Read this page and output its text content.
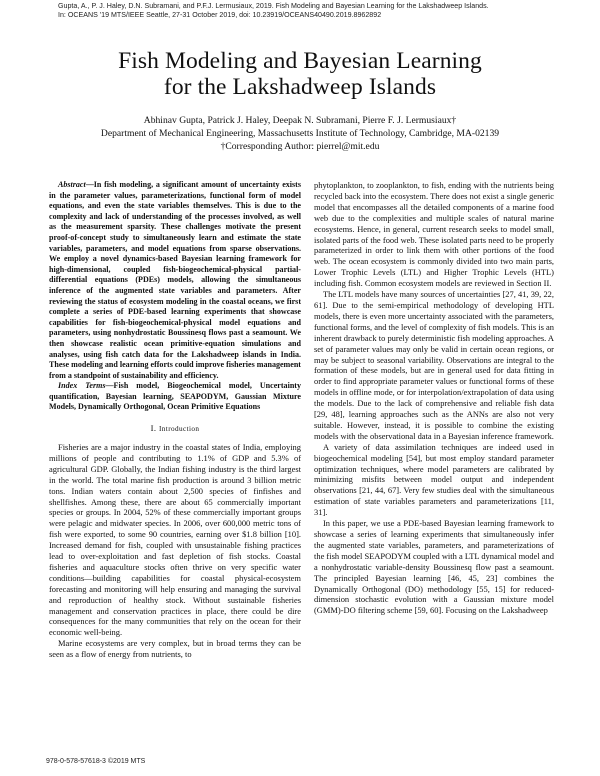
Gupta, A., P. J. Haley, D.N. Subramani, and P.F.J. Lermusiaux, 2019. Fish Modeling and Bayesian Learning for the Lakshadweep Islands.
In: OCEANS '19 MTS/IEEE Seattle, 27-31 October 2019, doi: 10.23919/OCEANS40490.2019.8962892
Fish Modeling and Bayesian Learning
for the Lakshadweep Islands
Abhinav Gupta, Patrick J. Haley, Deepak N. Subramani, Pierre F. J. Lermusiaux†
Department of Mechanical Engineering, Massachusetts Institute of Technology, Cambridge, MA-02139
†Corresponding Author: pierrel@mit.edu

Abstract—In fish modeling, a significant amount of uncertainty exists in the parameter values, parameterizations, functional form of model equations, and even the state variables themselves. This is due to the complexity and lack of understanding of the processes involved, as well as the measurement sparsity. These challenges motivate the present proof-of-concept study to simultaneously learn and estimate the state variables, parameters, and model equations from sparse observations. We employ a novel dynamics-based Bayesian learning framework for high-dimensional, coupled fish-biogeochemical-physical partial-differential equations (PDEs) models, allowing the simultaneous inference of the augmented state variables and parameters. After reviewing the status of ecosystem modeling in the coastal oceans, we first complete a series of PDE-based learning experiments that showcase capabilities for fish-biogeochemical-physical model equations and parameters, using nonhydrostatic Boussinesq flows past a seamount. We then showcase realistic ocean primitive-equation simulations and analyses, using fish catch data for the Lakshadweep islands in India. These modeling and learning efforts could improve fisheries management from a standpoint of sustainability and efficiency.

Index Terms—Fish model, Biogeochemical model, Uncertainty quantification, Bayesian learning, SEAPODYM, Gaussian Mixture Models, Dynamically Orthogonal, Ocean Primitive Equations

I. Introduction

Fisheries are a major industry in the coastal states of India, employing millions of people and contributing to 1.1% of GDP and 5.3% of agricultural GDP. Globally, the Indian fishing industry is the third largest in the world. The total marine fish production is around 3 billion metric tons. Indian waters contain about 2,500 species of finfishes and shellfishes. Among these, there are about 65 commercially important species or groups. In 2004, 52% of these commercially important groups were pelagic and midwater species. In 2006, over 600,000 metric tons of fish were exported, to some 90 countries, earning over $1.8 billion [10]. Increased demand for fish, coupled with unsustainable fishing practices lead to over-exploitation and fast depletion of fish stocks. Coastal fisheries and aquaculture stocks often thrive on very specific water conditions—building capabilities for coastal physical-ecosystem forecasting and monitoring will help ensuring and managing the survival and reproduction of healthy stock. Without sustainable fisheries management and conservation practices in place, there could be dire consequences for the many communities that rely on the ocean for their economic well-being.

Marine ecosystems are very complex, but in broad terms they can be seen as a flow of energy from nutrients, to

phytoplankton, to zooplankton, to fish, ending with the nutrients being recycled back into the ecosystem. There does not exist a single generic model that encompasses all the detailed components of a marine food web due to the complexities and multiple scales of natural marine ecosystems. Hence, in general, current research seeks to model small, isolated parts of the food web. These isolated parts need to be properly parameterized in order to link them with other portions of the food web. The ocean ecosystem is commonly divided into two main parts, Lower Trophic Levels (LTL) and Higher Trophic Levels (HTL) including fish. Common ecosystem models are reviewed in Section II.

The LTL models have many sources of uncertainties [27, 41, 39, 22, 61]. Due to the semi-empirical methodology of developing HTL models, there is even more uncertainty associated with the parameters, functional forms, and the level of complexity of fish models. This is an inherent drawback to purely deterministic fish modeling approaches. A set of parameter values may only be valid in certain ocean regions, or may be subject to seasonal variability. Observations are integral to the formation of these models, but are in general used for data fitting in order to find appropriate parameter values or functional forms of these models in offline mode, or for interpolation/extrapolation of data using the models. Due to the lack of comprehensive and reliable fish data [29, 48], learning approaches such as the ANNs are also not very suitable. However, instead, it is possible to combine the existing models with the observational data in a Bayesian inference framework.

A variety of data assimilation techniques are indeed used in biogeochemical modeling [54], but most employ standard parameter optimization techniques, where model parameters are calibrated by minimizing misfits between model output and independent observations [21, 44, 67]. Very few studies deal with the simultaneous estimation of state variables parameters and parameterizations [11, 31].

In this paper, we use a PDE-based Bayesian learning framework to showcase a series of learning experiments that simultaneously infer the augmented state variables, parameters, and parameterizations of the fish model SEAPODYM coupled with a LTL dynamical model and a nonhydrostatic variable-density Boussinesq flow past a seamount. The principled Bayesian learning [46, 45, 23] combines the Dynamically Orthogonal (DO) methodology [55, 15] for reduced-dimension stochastic evolution with a Gaussian mixture model (GMM)-DO filtering scheme [59, 60]. Focusing on the Lakshadweep

978-0-578-57618-3 ©2019 MTS
